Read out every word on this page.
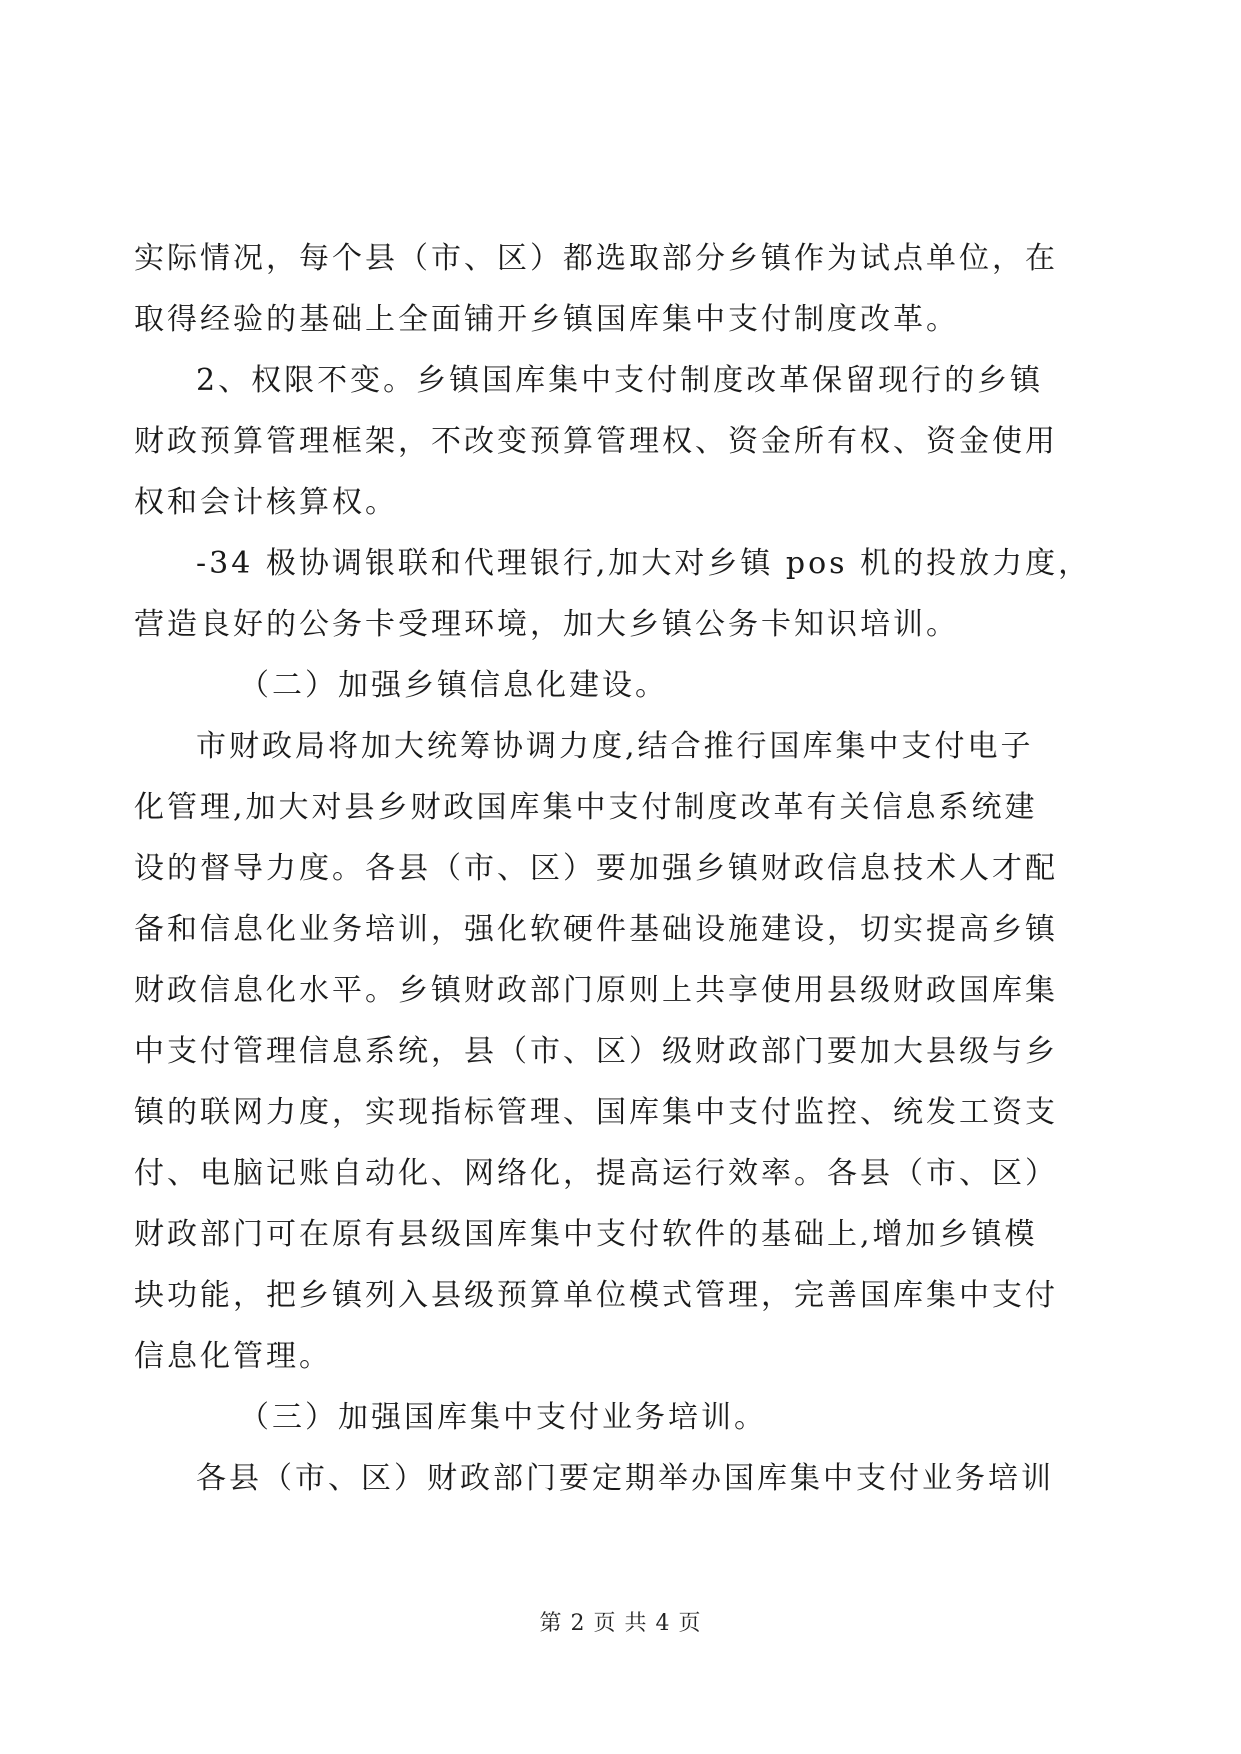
实际情况，每个县（市、区）都选取部分乡镇作为试点单位，在
取得经验的基础上全面铺开乡镇国库集中支付制度改革。
2、权限不变。乡镇国库集中支付制度改革保留现行的乡镇
财政预算管理框架，不改变预算管理权、资金所有权、资金使用
权和会计核算权。
-34 极协调银联和代理银行,加大对乡镇 pos 机的投放力度，
营造良好的公务卡受理环境，加大乡镇公务卡知识培训。
（二）加强乡镇信息化建设。
市财政局将加大统筹协调力度,结合推行国库集中支付电子
化管理,加大对县乡财政国库集中支付制度改革有关信息系统建
设的督导力度。各县（市、区）要加强乡镇财政信息技术人才配
备和信息化业务培训，强化软硬件基础设施建设，切实提高乡镇
财政信息化水平。乡镇财政部门原则上共享使用县级财政国库集
中支付管理信息系统，县（市、区）级财政部门要加大县级与乡
镇的联网力度，实现指标管理、国库集中支付监控、统发工资支
付、电脑记账自动化、网络化，提高运行效率。各县（市、区）
财政部门可在原有县级国库集中支付软件的基础上,增加乡镇模
块功能，把乡镇列入县级预算单位模式管理，完善国库集中支付
信息化管理。
（三）加强国库集中支付业务培训。
各县（市、区）财政部门要定期举办国库集中支付业务培训
第 2 页 共 4 页
